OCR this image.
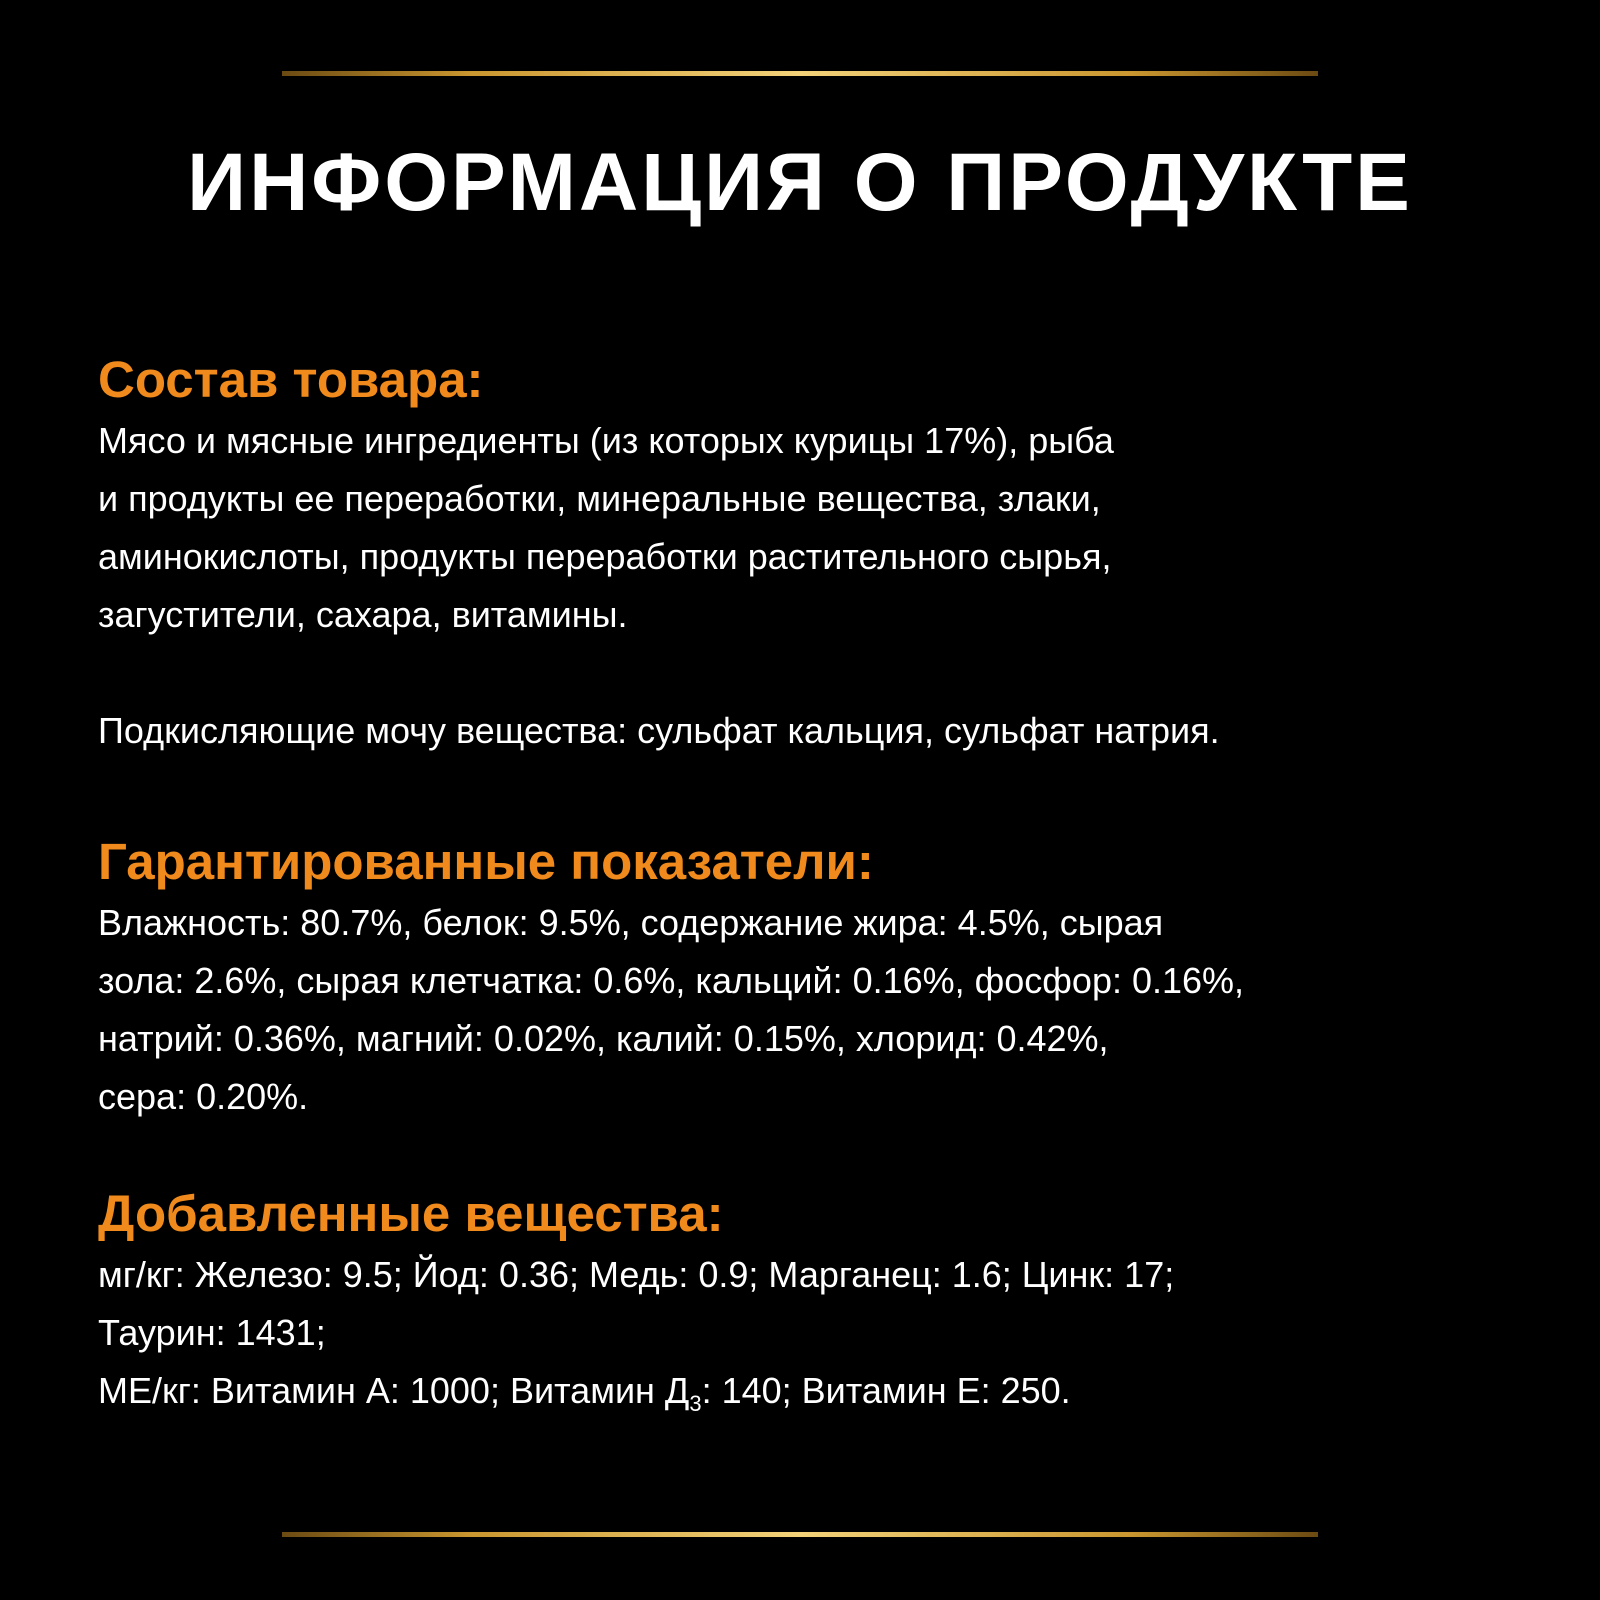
ИНФОРМАЦИЯ О ПРОДУКТЕ
Состав товара:
Мясо и мясные ингредиенты (из которых курицы 17%), рыба
и продукты ее переработки, минеральные вещества, злаки,
аминокислоты, продукты переработки растительного сырья,
загустители, сахара, витамины.
Подкисляющие мочу вещества: сульфат кальция, сульфат натрия.
Гарантированные показатели:
Влажность: 80.7%, белок: 9.5%, содержание жира: 4.5%, сырая
зола: 2.6%, сырая клетчатка: 0.6%, кальций: 0.16%, фосфор: 0.16%,
натрий: 0.36%, магний: 0.02%, калий: 0.15%, хлорид: 0.42%,
сера: 0.20%.
Добавленные вещества:
мг/кг: Железо: 9.5; Йод: 0.36; Медь: 0.9; Марганец: 1.6; Цинк: 17;
Таурин: 1431;
МЕ/кг: Витамин А: 1000; Витамин $Д_3$: 140; Витамин Е: 250.
